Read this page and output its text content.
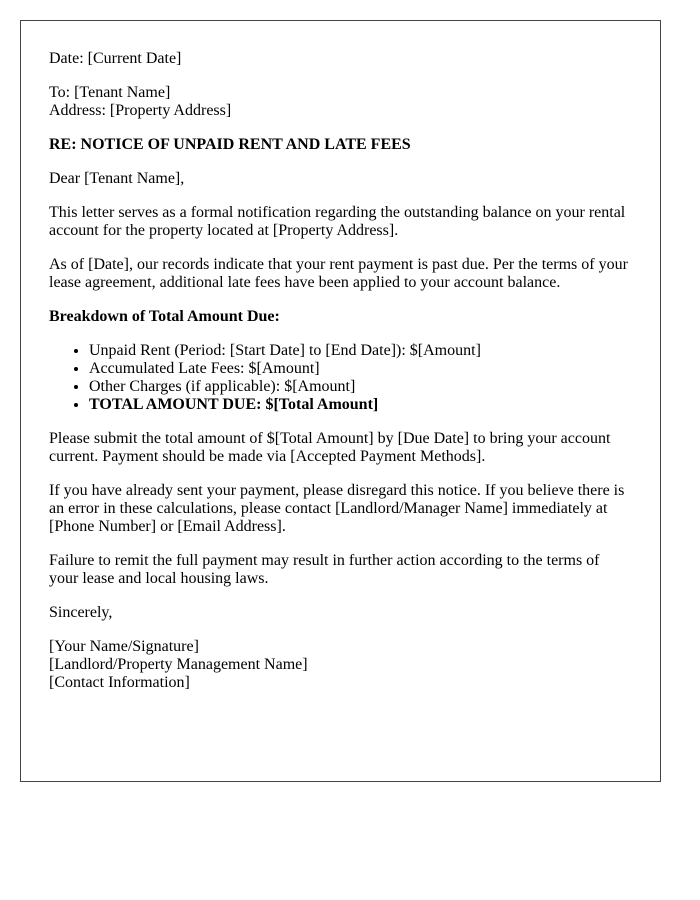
Date: [Current Date]

To: [Tenant Name]
Address: [Property Address]

RE: NOTICE OF UNPAID RENT AND LATE FEES

Dear [Tenant Name],

This letter serves as a formal notification regarding the outstanding balance on your rental account for the property located at [Property Address].

As of [Date], our records indicate that your rent payment is past due. Per the terms of your lease agreement, additional late fees have been applied to your account balance.

Breakdown of Total Amount Due:

• Unpaid Rent (Period: [Start Date] to [End Date]): $[Amount]
• Accumulated Late Fees: $[Amount]
• Other Charges (if applicable): $[Amount]
• TOTAL AMOUNT DUE: $[Total Amount]

Please submit the total amount of $[Total Amount] by [Due Date] to bring your account current. Payment should be made via [Accepted Payment Methods].

If you have already sent your payment, please disregard this notice. If you believe there is an error in these calculations, please contact [Landlord/Manager Name] immediately at [Phone Number] or [Email Address].

Failure to remit the full payment may result in further action according to the terms of your lease and local housing laws.

Sincerely,

[Your Name/Signature]
[Landlord/Property Management Name]
[Contact Information]
